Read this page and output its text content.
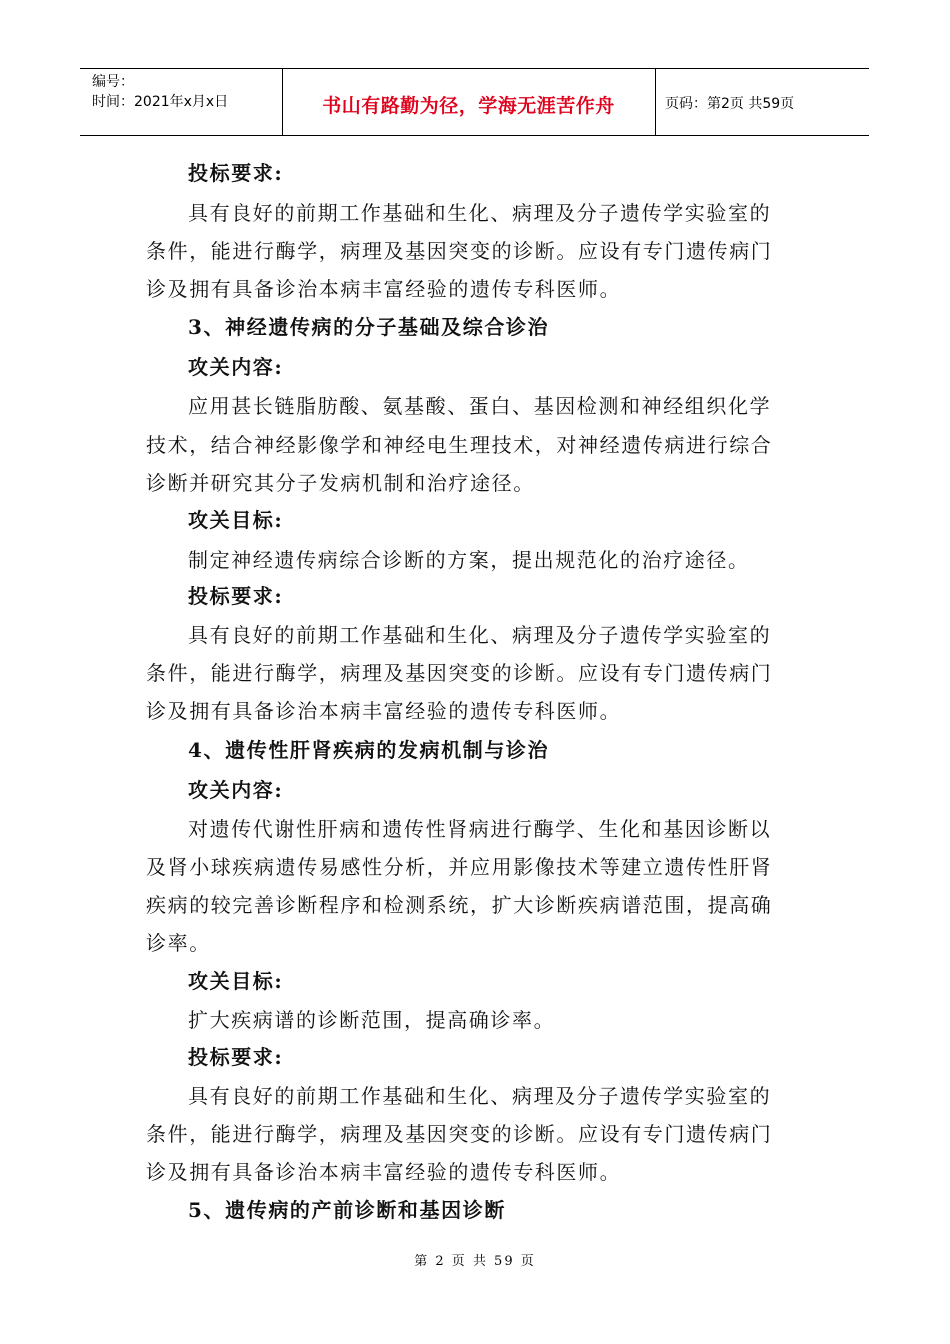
编号：
时间：2021年x月x日	书山有路勤为径，学海无涯苦作舟	页码：第2页 共59页
投标要求:
具有良好的前期工作基础和生化、病理及分子遗传学实验室的
条件，能进行酶学，病理及基因突变的诊断。应设有专门遗传病门
诊及拥有具备诊治本病丰富经验的遗传专科医师。
3、神经遗传病的分子基础及综合诊治
攻关内容:
应用甚长链脂肪酸、氨基酸、蛋白、基因检测和神经组织化学
技术，结合神经影像学和神经电生理技术，对神经遗传病进行综合
诊断并研究其分子发病机制和治疗途径。
攻关目标:
制定神经遗传病综合诊断的方案，提出规范化的治疗途径。
投标要求:
具有良好的前期工作基础和生化、病理及分子遗传学实验室的
条件，能进行酶学，病理及基因突变的诊断。应设有专门遗传病门
诊及拥有具备诊治本病丰富经验的遗传专科医师。
4、遗传性肝肾疾病的发病机制与诊治
攻关内容:
对遗传代谢性肝病和遗传性肾病进行酶学、生化和基因诊断以
及肾小球疾病遗传易感性分析，并应用影像技术等建立遗传性肝肾
疾病的较完善诊断程序和检测系统，扩大诊断疾病谱范围，提高确
诊率。
攻关目标:
扩大疾病谱的诊断范围，提高确诊率。
投标要求:
具有良好的前期工作基础和生化、病理及分子遗传学实验室的
条件，能进行酶学，病理及基因突变的诊断。应设有专门遗传病门
诊及拥有具备诊治本病丰富经验的遗传专科医师。
5、遗传病的产前诊断和基因诊断
第 2 页 共 59 页
